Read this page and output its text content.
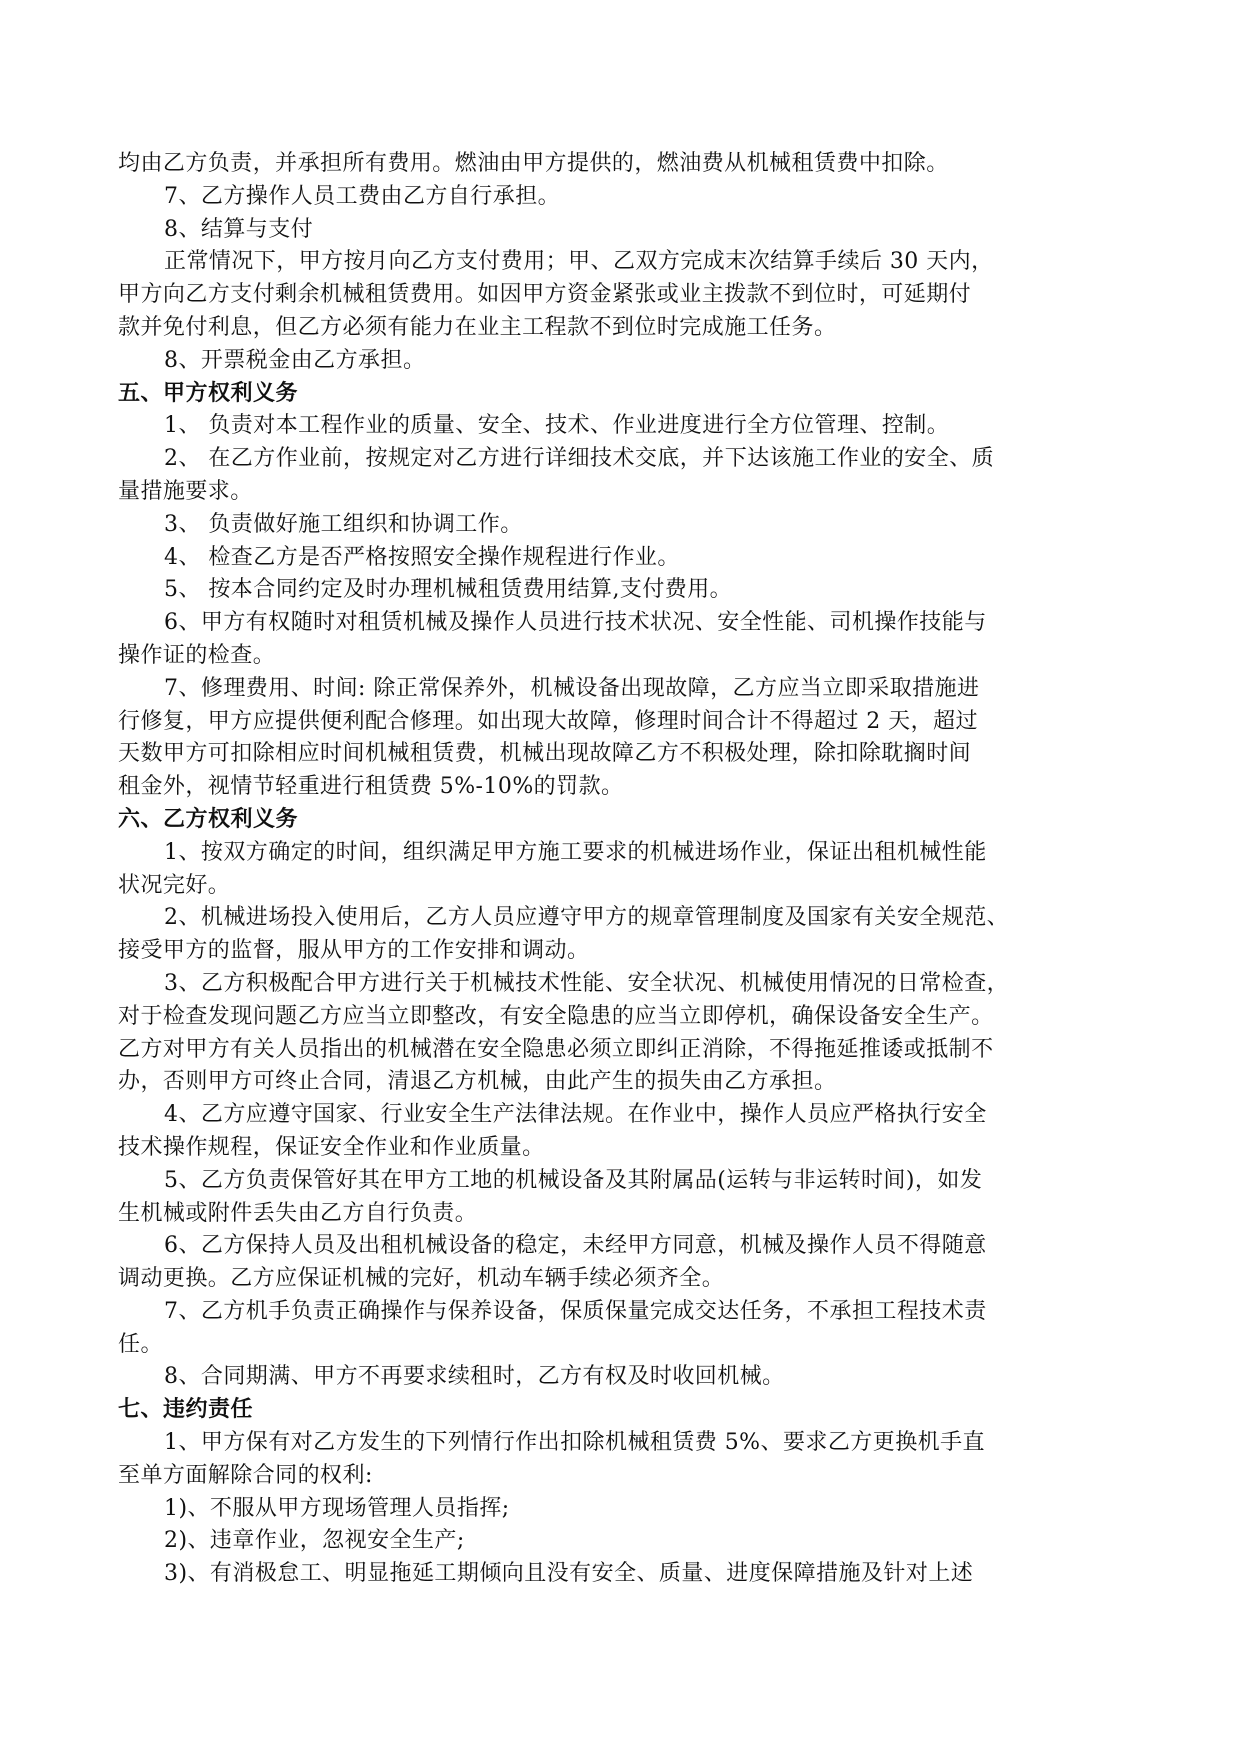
均由乙方负责，并承担所有费用。燃油由甲方提供的，燃油费从机械租赁费中扣除。
7、乙方操作人员工费由乙方自行承担。
8、结算与支付
正常情况下，甲方按月向乙方支付费用；甲、乙双方完成末次结算手续后 30 天内，
甲方向乙方支付剩余机械租赁费用。如因甲方资金紧张或业主拨款不到位时，可延期付
款并免付利息，但乙方必须有能力在业主工程款不到位时完成施工任务。
8、开票税金由乙方承担。
五、甲方权利义务
1、 负责对本工程作业的质量、安全、技术、作业进度进行全方位管理、控制。
2、 在乙方作业前，按规定对乙方进行详细技术交底，并下达该施工作业的安全、质
量措施要求。
3、 负责做好施工组织和协调工作。
4、 检查乙方是否严格按照安全操作规程进行作业。
5、 按本合同约定及时办理机械租赁费用结算,支付费用。
6、甲方有权随时对租赁机械及操作人员进行技术状况、安全性能、司机操作技能与
操作证的检查。
7、修理费用、时间: 除正常保养外，机械设备出现故障，乙方应当立即采取措施进
行修复，甲方应提供便利配合修理。如出现大故障，修理时间合计不得超过 2 天，超过
天数甲方可扣除相应时间机械租赁费，机械出现故障乙方不积极处理，除扣除耽搁时间
租金外，视情节轻重进行租赁费 5%-10%的罚款。
六、乙方权利义务
1、按双方确定的时间，组织满足甲方施工要求的机械进场作业，保证出租机械性能
状况完好。
2、机械进场投入使用后，乙方人员应遵守甲方的规章管理制度及国家有关安全规范、
接受甲方的监督，服从甲方的工作安排和调动。
3、乙方积极配合甲方进行关于机械技术性能、安全状况、机械使用情况的日常检查，
对于检查发现问题乙方应当立即整改，有安全隐患的应当立即停机，确保设备安全生产。
乙方对甲方有关人员指出的机械潜在安全隐患必须立即纠正消除，不得拖延推诿或抵制不
办，否则甲方可终止合同，清退乙方机械，由此产生的损失由乙方承担。
4、乙方应遵守国家、行业安全生产法律法规。在作业中，操作人员应严格执行安全
技术操作规程，保证安全作业和作业质量。
5、乙方负责保管好其在甲方工地的机械设备及其附属品(运转与非运转时间)，如发
生机械或附件丢失由乙方自行负责。
6、乙方保持人员及出租机械设备的稳定，未经甲方同意，机械及操作人员不得随意
调动更换。乙方应保证机械的完好，机动车辆手续必须齐全。
7、乙方机手负责正确操作与保养设备，保质保量完成交达任务，不承担工程技术责
任。
8、合同期满、甲方不再要求续租时，乙方有权及时收回机械。
七、违约责任
1、甲方保有对乙方发生的下列情行作出扣除机械租赁费 5%、要求乙方更换机手直
至单方面解除合同的权利:
1)、不服从甲方现场管理人员指挥;
2)、违章作业，忽视安全生产;
3)、有消极怠工、明显拖延工期倾向且没有安全、质量、进度保障措施及针对上述
